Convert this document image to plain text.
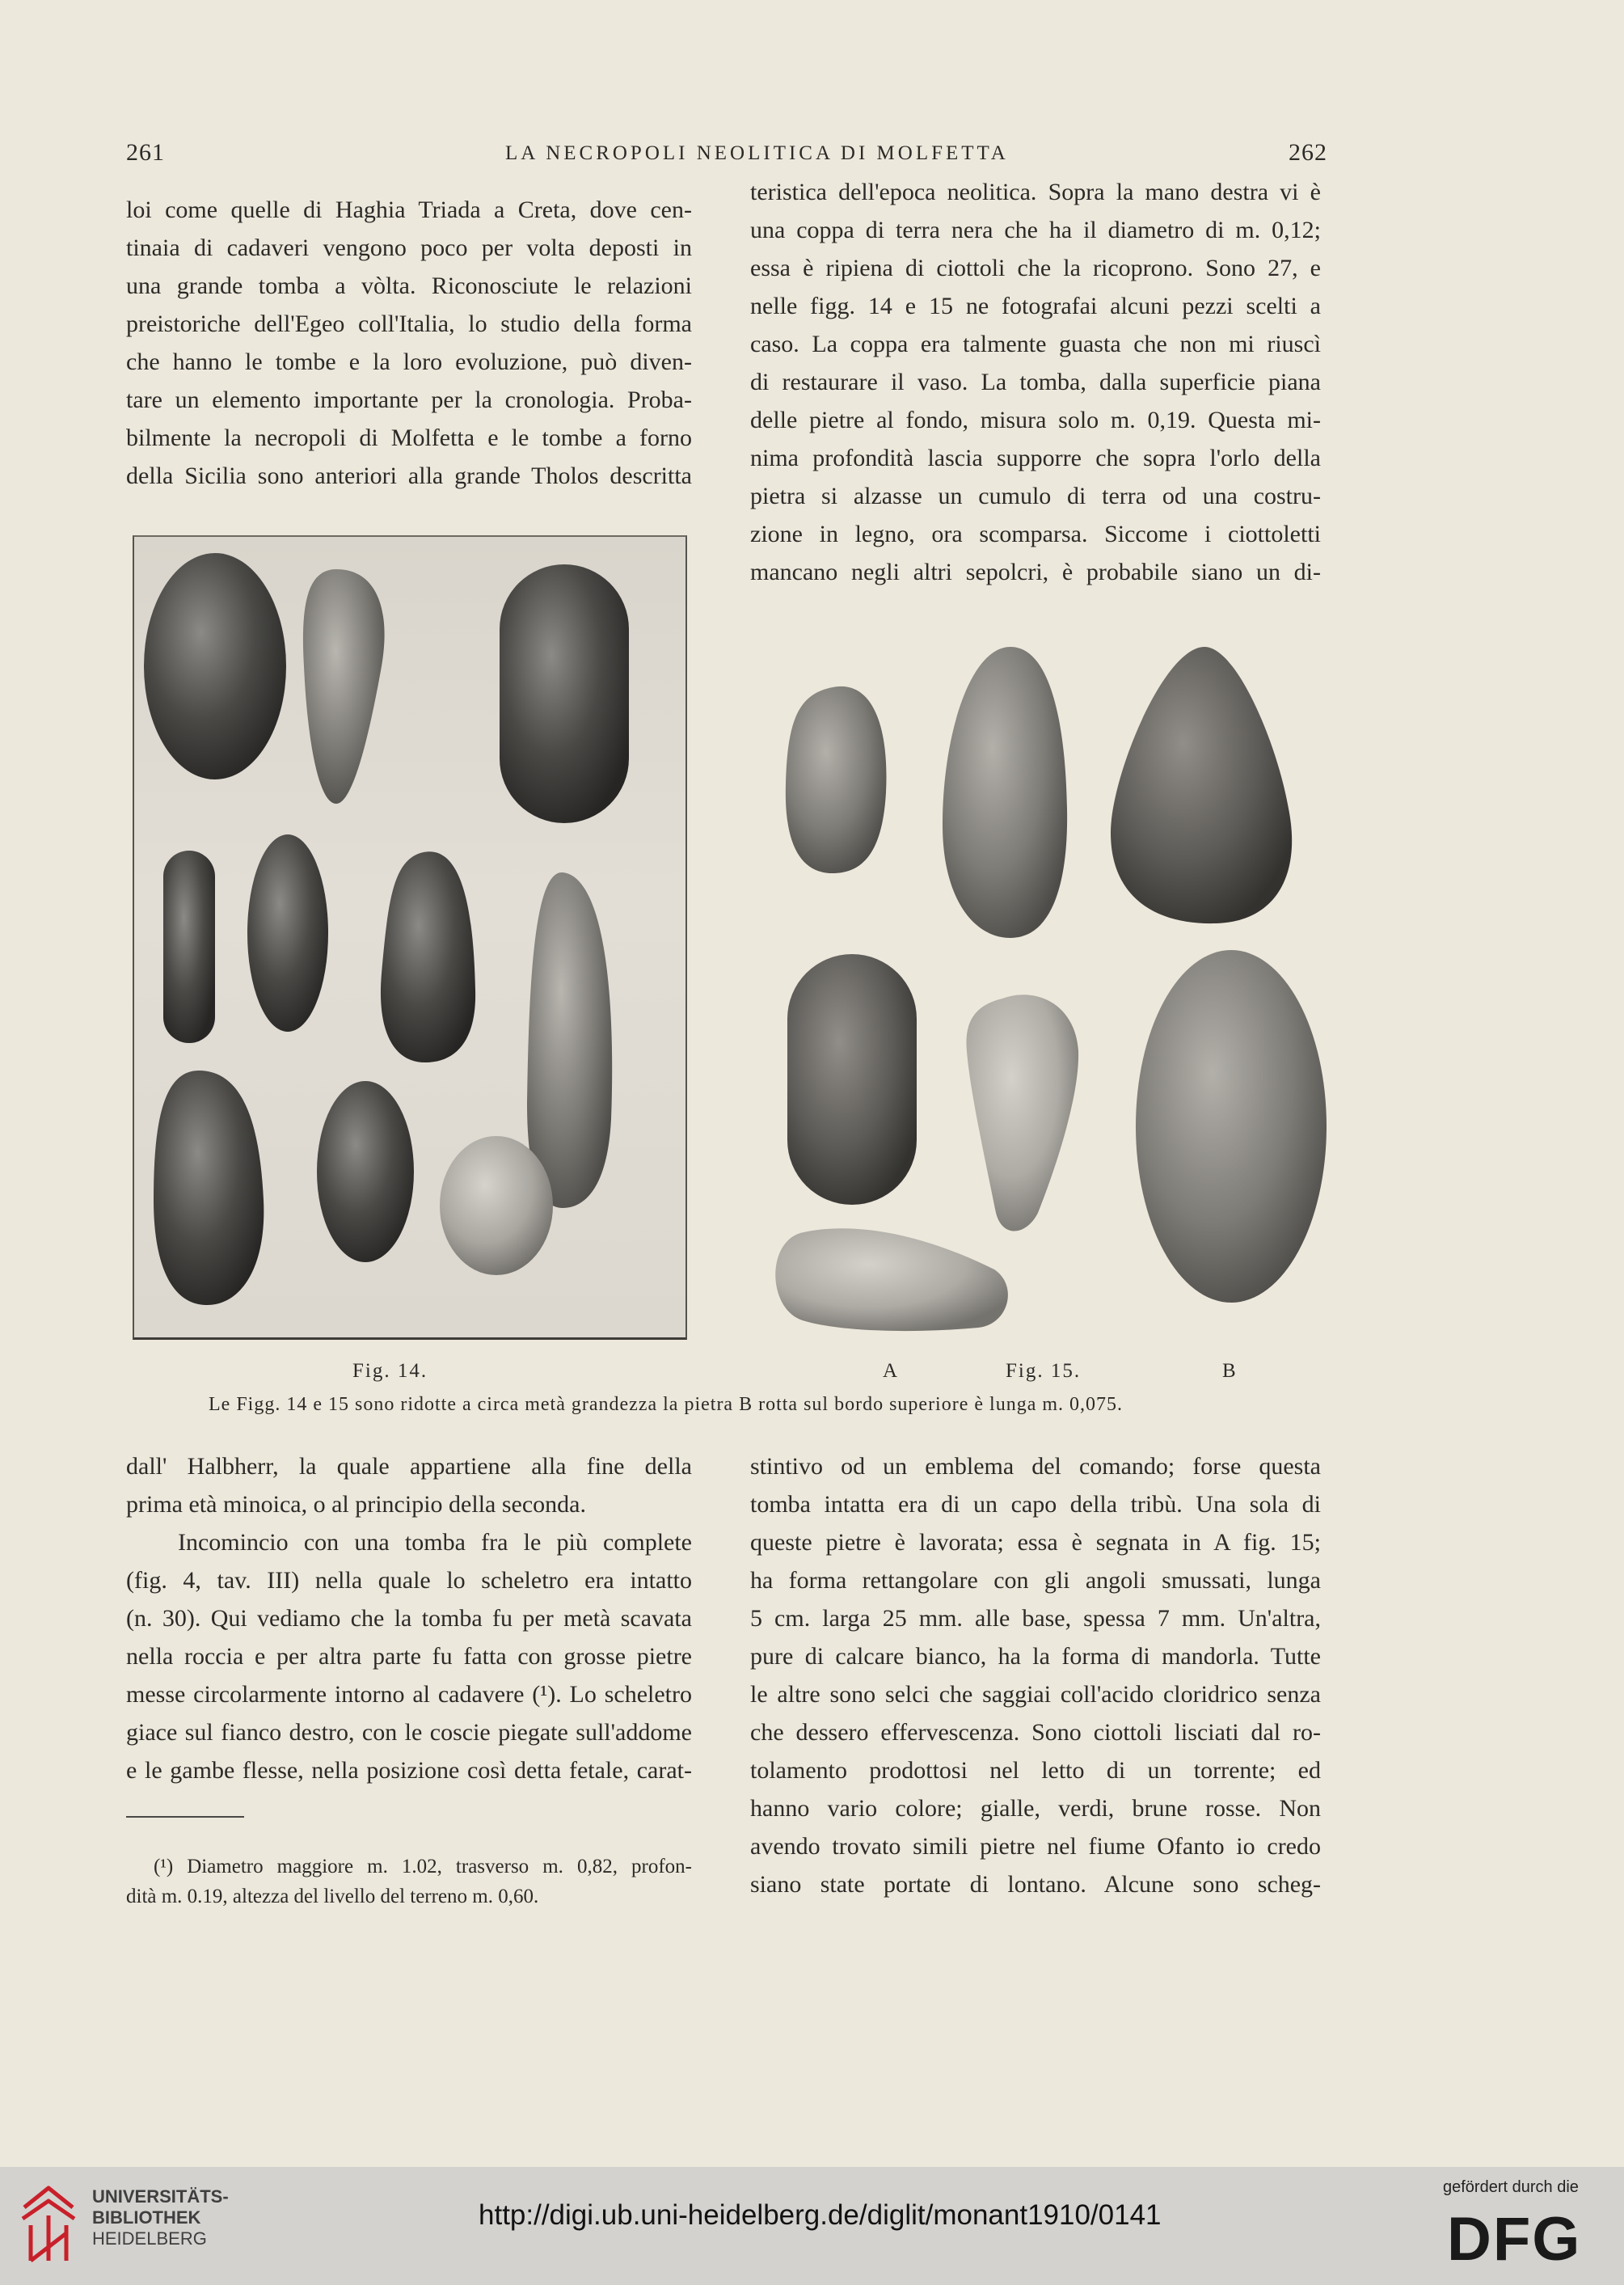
261	LA NECROPOLI NEOLITICA DI MOLFETTA	262
loi come quelle di Haghia Triada a Creta, dove cen-
tinaia di cadaveri vengono poco per volta deposti in
una grande tomba a vòlta. Riconosciute le relazioni
preistoriche dell'Egeo coll'Italia, lo studio della forma
che hanno le tombe e la loro evoluzione, può diven-
tare un elemento importante per la cronologia. Proba-
bilmente la necropoli di Molfetta e le tombe a forno
della Sicilia sono anteriori alla grande Tholos descritta
teristica dell'epoca neolitica. Sopra la mano destra vi è
una coppa di terra nera che ha il diametro di m. 0,12;
essa è ripiena di ciottoli che la ricoprono. Sono 27, e
nelle figg. 14 e 15 ne fotografai alcuni pezzi scelti a
caso. La coppa era talmente guasta che non mi riuscì
di restaurare il vaso. La tomba, dalla superficie piana
delle pietre al fondo, misura solo m. 0,19. Questa mi-
nima profondità lascia supporre che sopra l'orlo della
pietra si alzasse un cumulo di terra od una costru-
zione in legno, ora scomparsa. Siccome i ciottoletti
mancano negli altri sepolcri, è probabile siano un di-
Fig. 14.	A	Fig. 15.	B
Le Figg. 14 e 15 sono ridotte a circa metà grandezza la pietra B rotta sul bordo superiore è lunga m. 0,075.
dall' Halbherr, la quale appartiene alla fine della
prima età minoica, o al principio della seconda.
Incomincio con una tomba fra le più complete
(fig. 4, tav. III) nella quale lo scheletro era intatto
(n. 30). Qui vediamo che la tomba fu per metà scavata
nella roccia e per altra parte fu fatta con grosse pietre
messe circolarmente intorno al cadavere (¹). Lo scheletro
giace sul fianco destro, con le coscie piegate sull'addome
e le gambe flesse, nella posizione così detta fetale, carat-
stintivo od un emblema del comando; forse questa
tomba intatta era di un capo della tribù. Una sola di
queste pietre è lavorata; essa è segnata in A fig. 15;
ha forma rettangolare con gli angoli smussati, lunga
5 cm. larga 25 mm. alle base, spessa 7 mm. Un'altra,
pure di calcare bianco, ha la forma di mandorla. Tutte
le altre sono selci che saggiai coll'acido cloridrico senza
che dessero effervescenza. Sono ciottoli lisciati dal ro-
tolamento prodottosi nel letto di un torrente; ed
hanno vario colore; gialle, verdi, brune rosse. Non
avendo trovato simili pietre nel fiume Ofanto io credo
siano state portate di lontano. Alcune sono scheg-
(¹) Diametro maggiore m. 1.02, trasverso m. 0,82, profon-
dità m. 0.19, altezza del livello del terreno m. 0,60.
UNIVERSITÄTS-
BIBLIOTHEK
HEIDELBERG
http://digi.ub.uni-heidelberg.de/diglit/monant1910/0141
gefördert durch die
DFG
